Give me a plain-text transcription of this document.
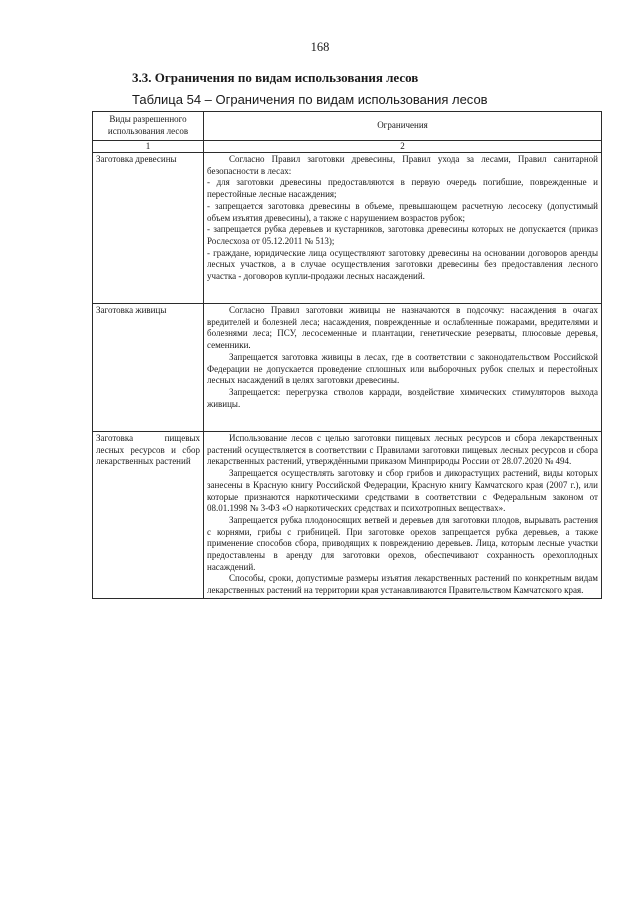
168
3.3. Ограничения по видам использования лесов
Таблица 54 – Ограничения по видам использования лесов
Виды разрешенного использования лесов	Ограничения
1	2
Заготовка древесины	Согласно Правил заготовки древесины, Правил ухода за лесами, Правил санитарной безопасности в лесах:

- для заготовки древесины предоставляются в первую очередь погибшие, поврежденные и перестойные лесные насаждения;

- запрещается заготовка древесины в объеме, превышающем расчетную лесосеку (допустимый объем изъятия древесины), а также с нарушением возрастов рубок;

- запрещается рубка деревьев и кустарников, заготовка древесины которых не допускается (приказ Рослесхоза от 05.12.2011 № 513);

- граждане, юридические лица осуществляют заготовку древесины на основании договоров аренды лесных участков, а в случае осуществления заготовки древесины без предоставления лесного участка - договоров купли-продажи лесных насаждений.

Заготовка живицы	Согласно Правил заготовки живицы не назначаются в подсочку: насаждения в очагах вредителей и болезней леса; насаждения, поврежденные и ослабленные пожарами, вредителями и болезнями леса; ПСУ, лесосеменные и плантации, генетические резерваты, плюсовые деревья, семенники.

Запрещается заготовка живицы в лесах, где в соответствии с законодательством Российской Федерации не допускается проведение сплошных или выборочных рубок спелых и перестойных лесных насаждений в целях заготовки древесины.

Запрещается: перегрузка стволов карради, воздействие химических стимуляторов выхода живицы.

Заготовка пищевых лесных ресурсов и сбор лекарственных растений	Использование лесов с целью заготовки пищевых лесных ресурсов и сбора лекарственных растений осуществляется в соответствии с Правилами заготовки пищевых лесных ресурсов и сбора лекарственных растений, утверждёнными приказом Минприроды России от 28.07.2020 № 494.

Запрещается осуществлять заготовку и сбор грибов и дикорастущих растений, виды которых занесены в Красную книгу Российской Федерации, Красную книгу Камчатского края (2007 г.), или которые признаются наркотическими средствами в соответствии с Федеральным законом от 08.01.1998 № 3-ФЗ «О наркотических средствах и психотропных веществах».

Запрещается рубка плодоносящих ветвей и деревьев для заготовки плодов, вырывать растения с корнями, грибы с грибницей. При заготовке орехов запрещается рубка деревьев, а также применение способов сбора, приводящих к повреждению деревьев. Лица, которым лесные участки предоставлены в аренду для заготовки орехов, обеспечивают сохранность орехоплодных насаждений.

Способы, сроки, допустимые размеры изъятия лекарственных растений по конкретным видам лекарственных растений на территории края устанавливаются Правительством Камчатского края.
